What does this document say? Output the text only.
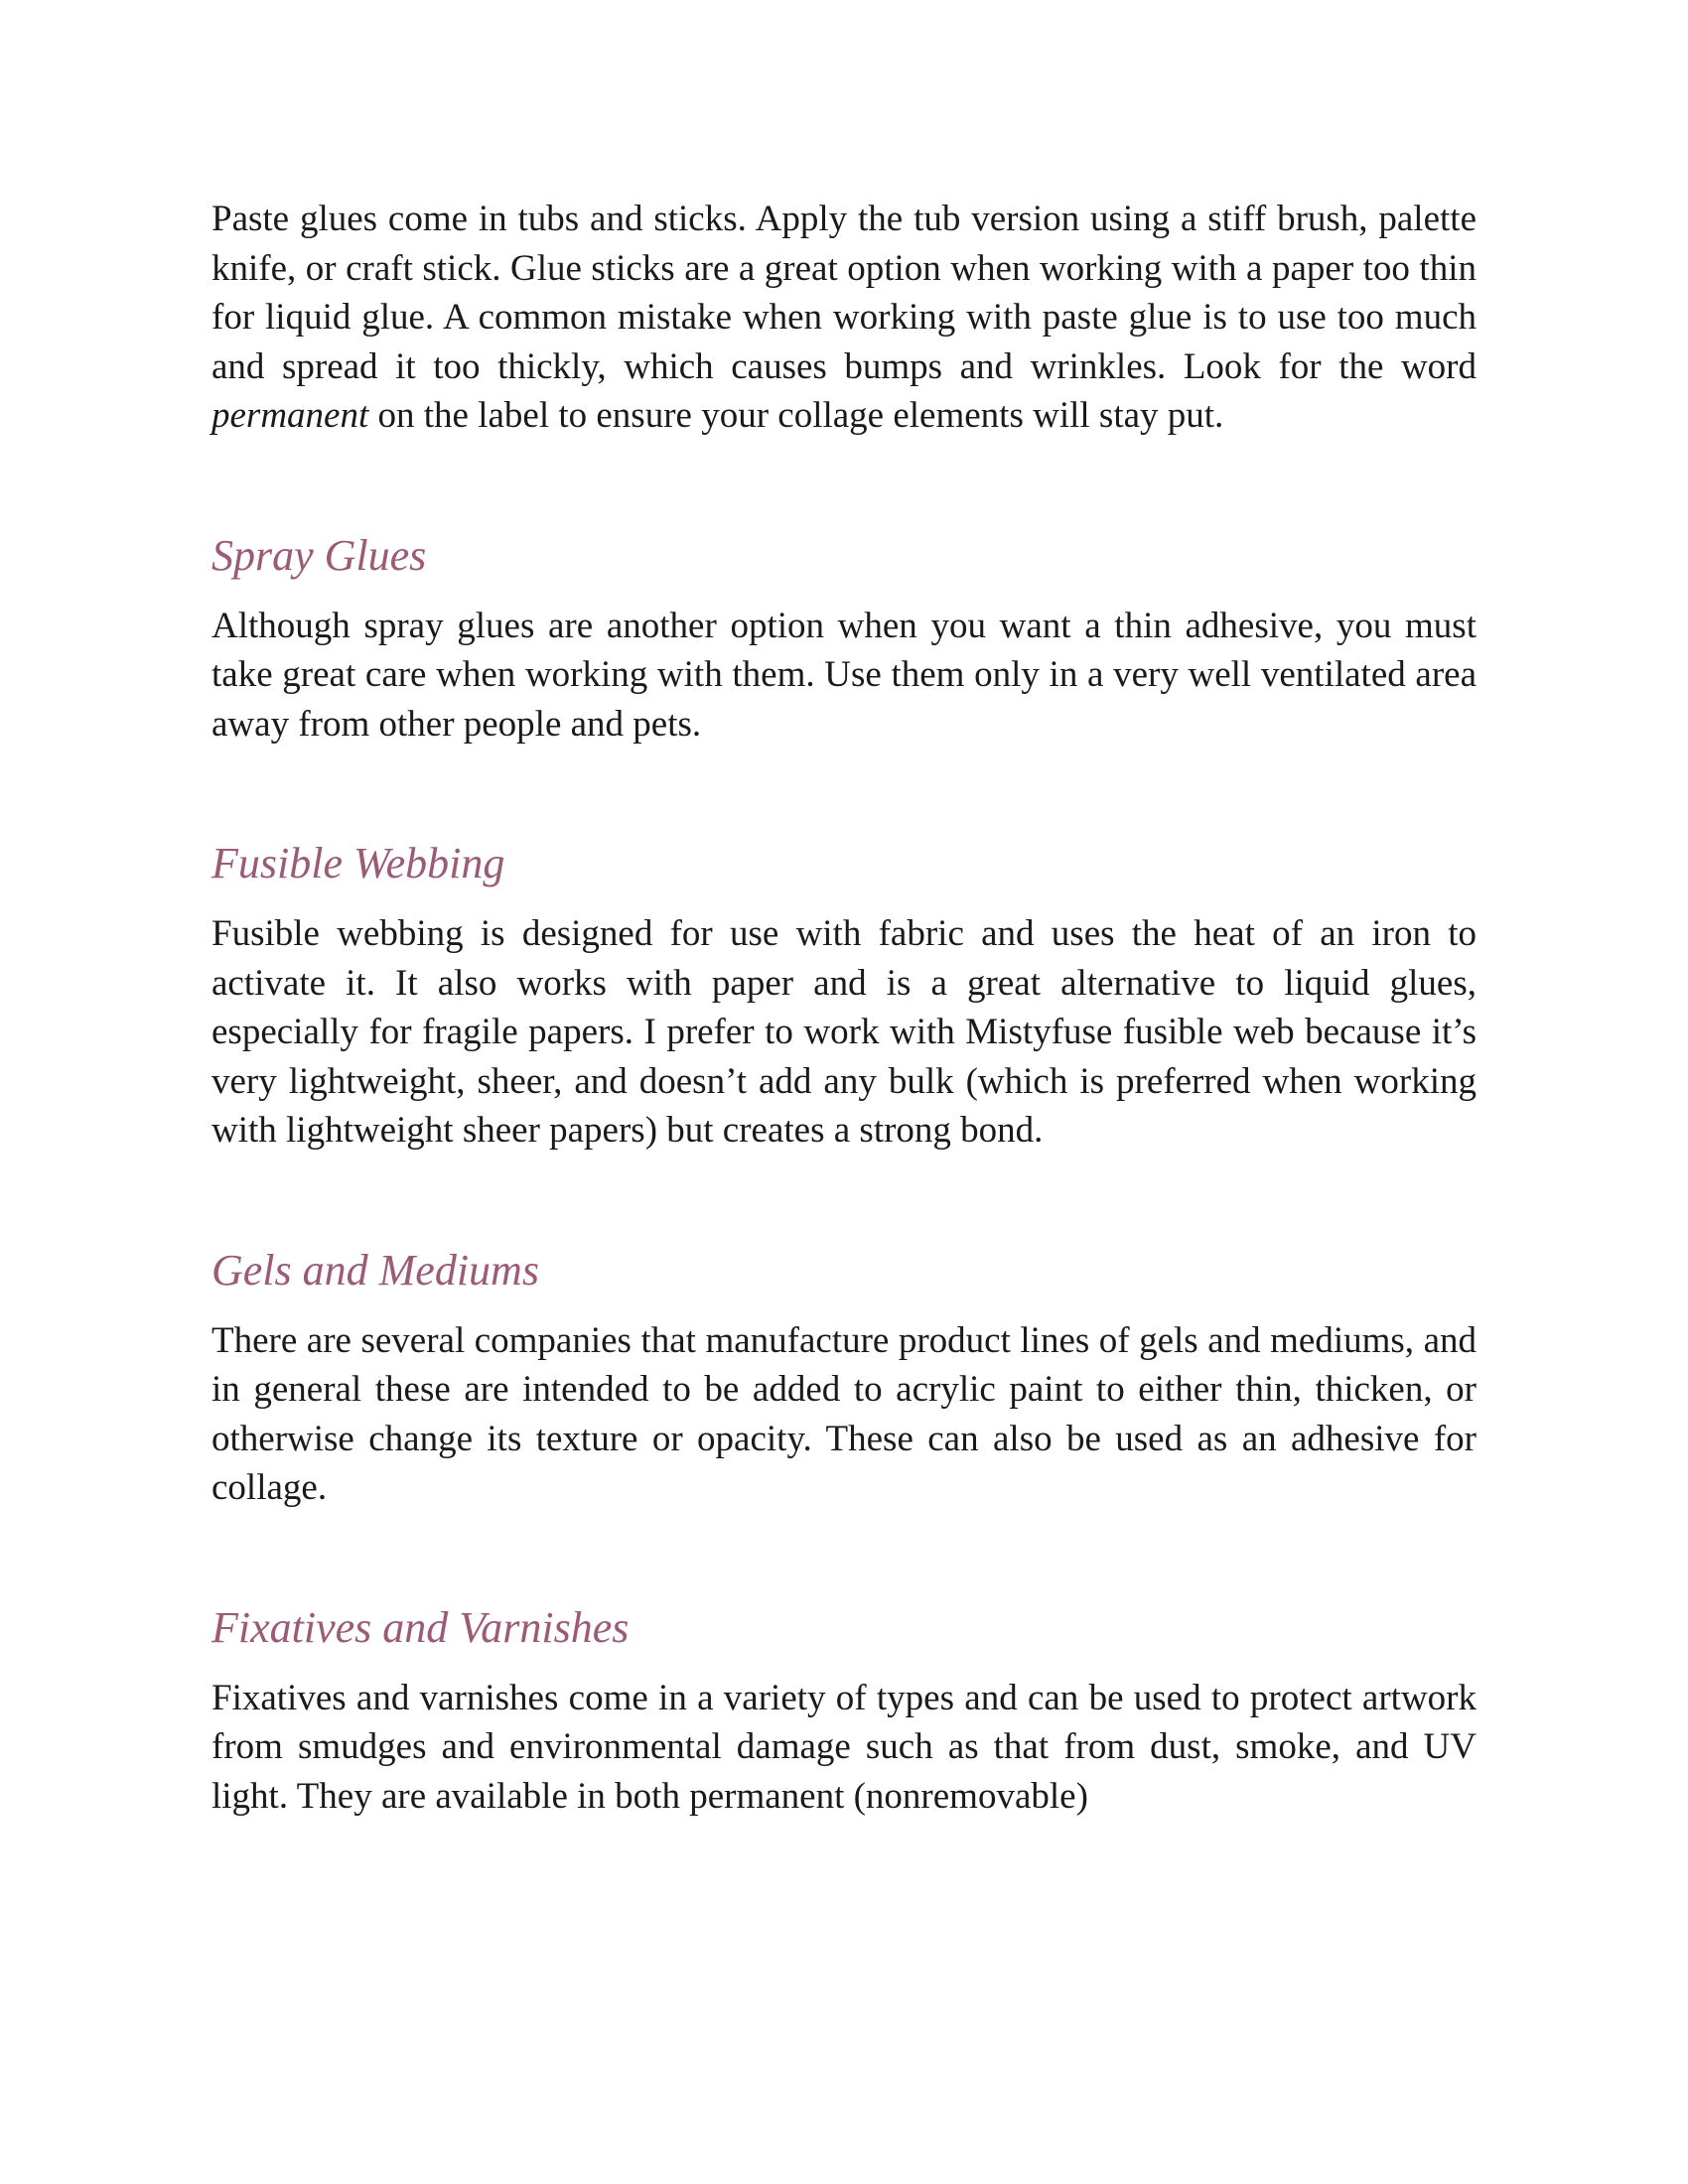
Paste glues come in tubs and sticks. Apply the tub version using a stiff brush, palette knife, or craft stick. Glue sticks are a great option when working with a paper too thin for liquid glue. A common mistake when working with paste glue is to use too much and spread it too thickly, which causes bumps and wrinkles. Look for the word permanent on the label to ensure your collage elements will stay put.

Spray Glues

Although spray glues are another option when you want a thin adhesive, you must take great care when working with them. Use them only in a very well ventilated area away from other people and pets.

Fusible Webbing

Fusible webbing is designed for use with fabric and uses the heat of an iron to activate it. It also works with paper and is a great alternative to liquid glues, especially for fragile papers. I prefer to work with Mistyfuse fusible web because it’s very lightweight, sheer, and doesn’t add any bulk (which is preferred when working with lightweight sheer papers) but creates a strong bond.

Gels and Mediums

There are several companies that manufacture product lines of gels and mediums, and in general these are intended to be added to acrylic paint to either thin, thicken, or otherwise change its texture or opacity. These can also be used as an adhesive for collage.

Fixatives and Varnishes

Fixatives and varnishes come in a variety of types and can be used to protect artwork from smudges and environmental damage such as that from dust, smoke, and UV light. They are available in both permanent (nonremovable)
